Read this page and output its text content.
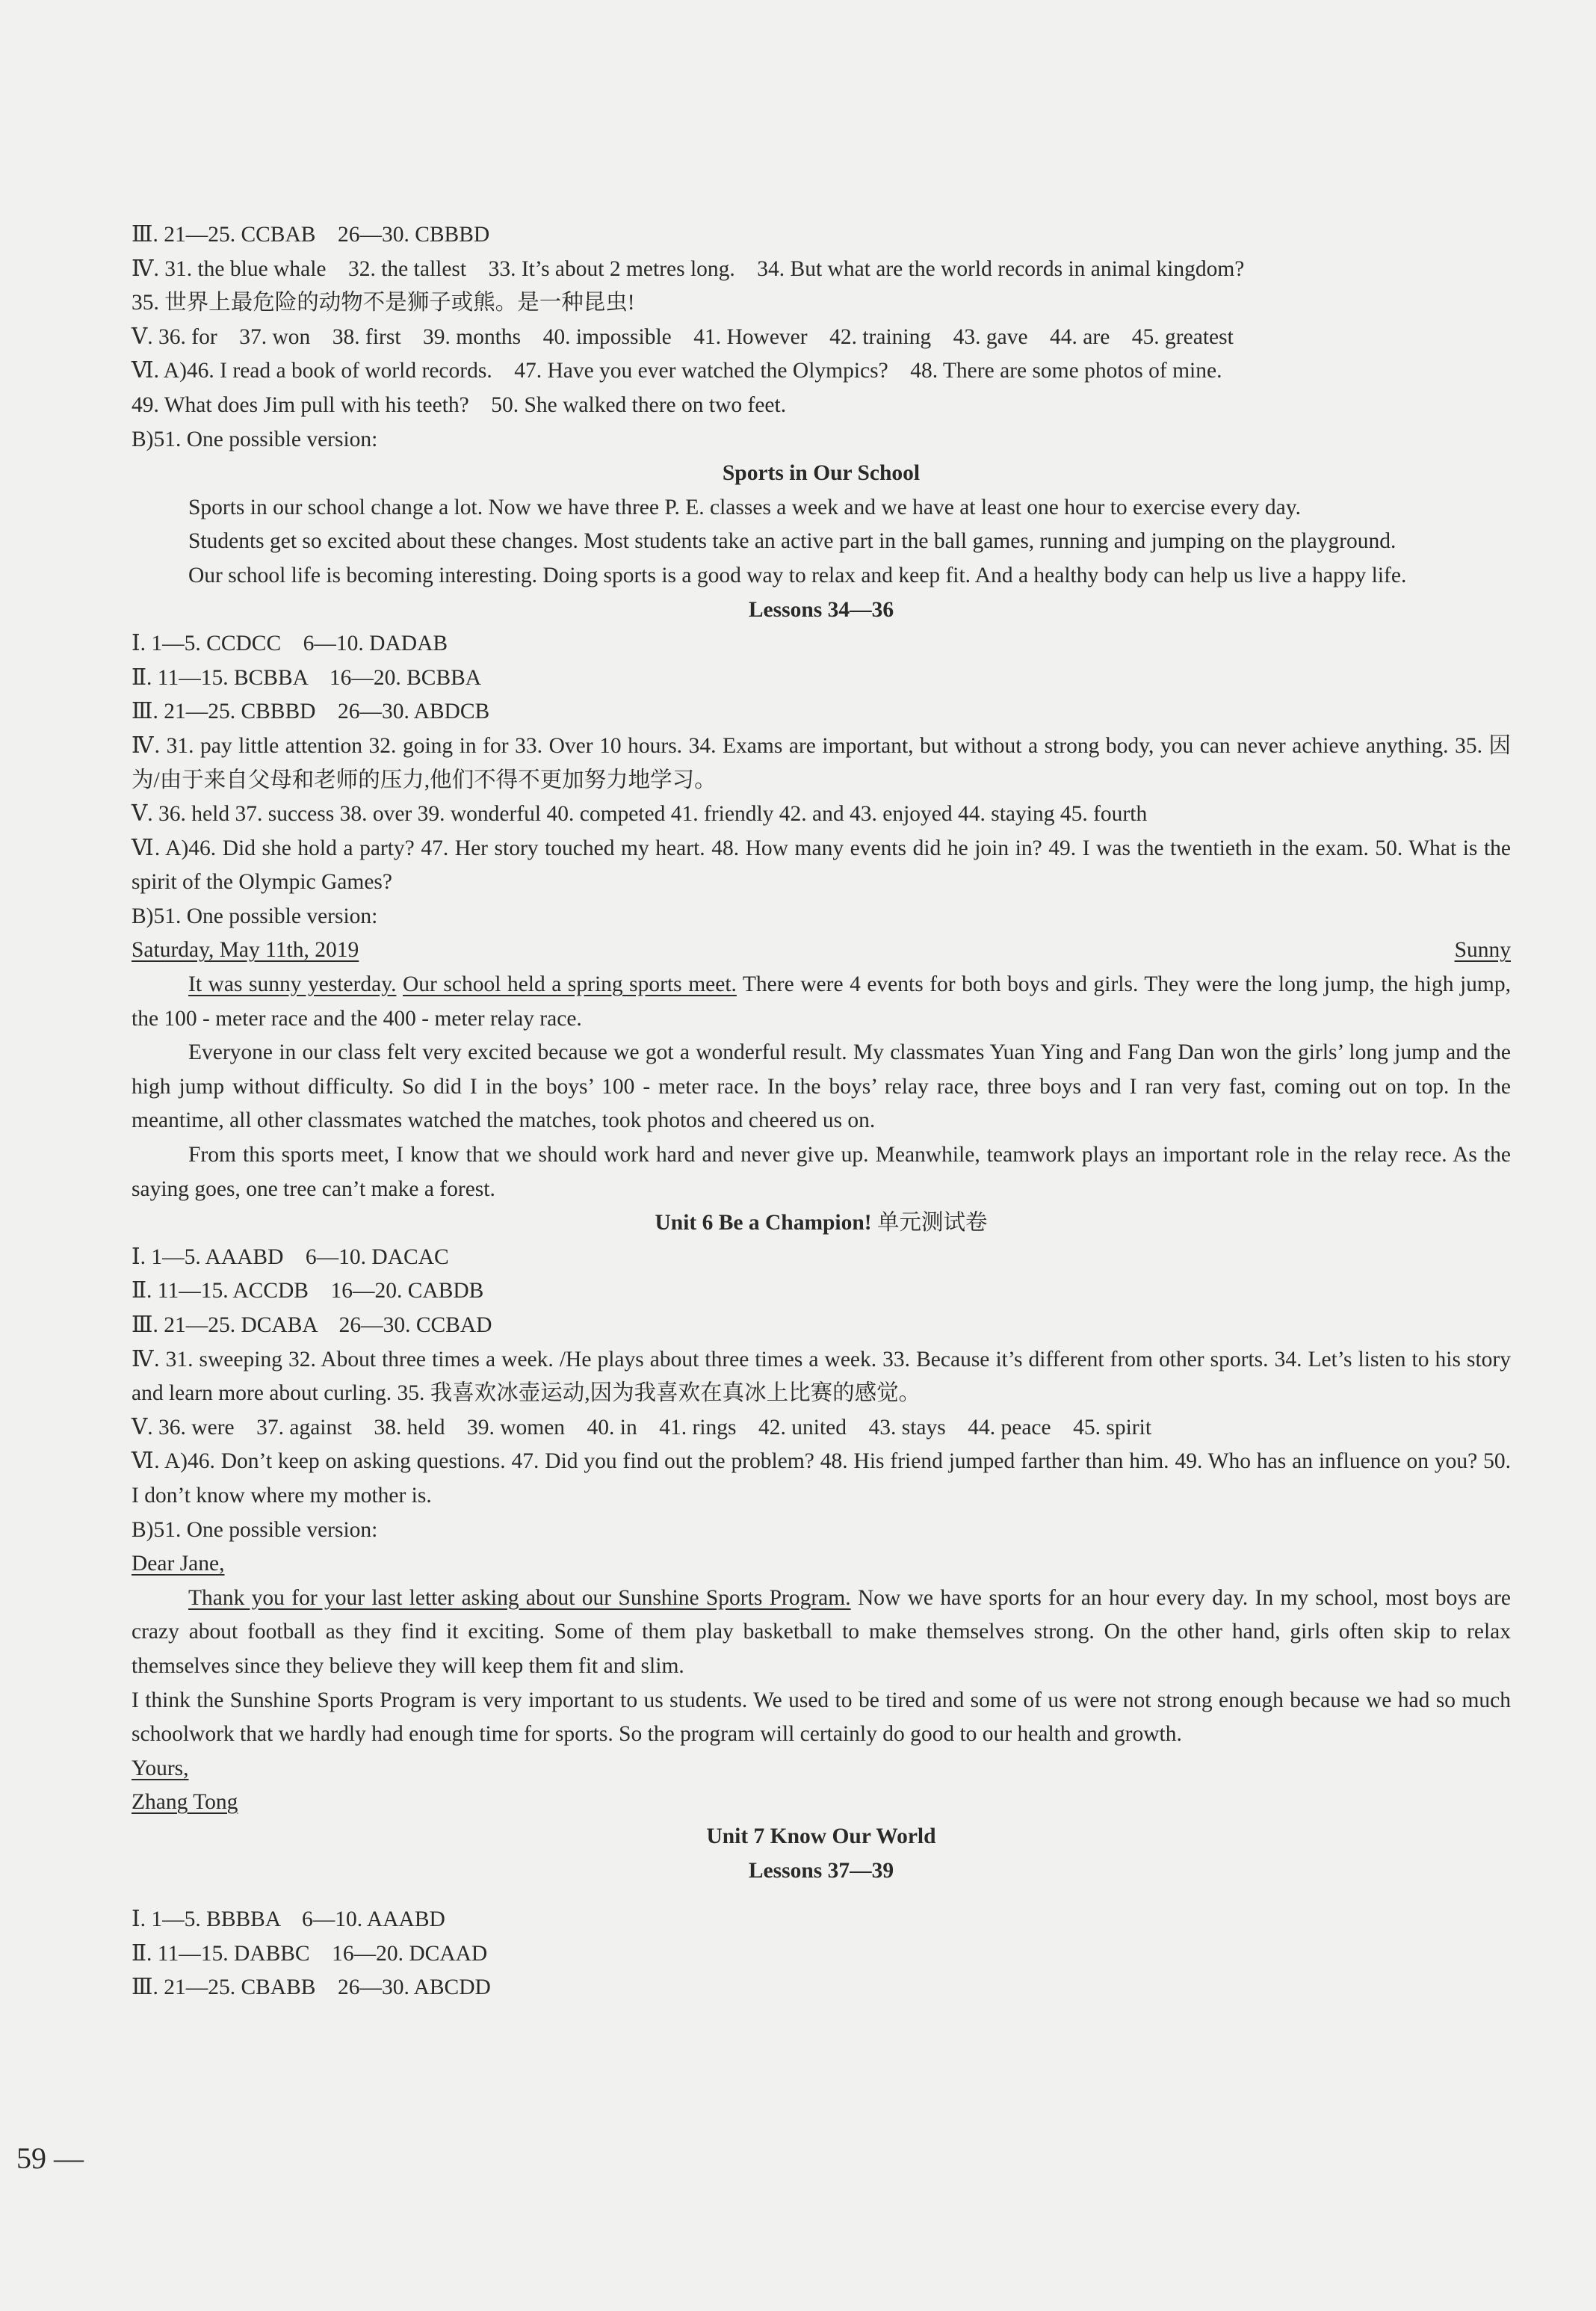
Ⅲ. 21—25. CCBAB    26—30. CBBBD
Ⅳ. 31. the blue whale    32. the tallest    33. It’s about 2 metres long.    34. But what are the world records in animal kingdom?
35. 世界上最危险的动物不是狮子或熊。是一种昆虫!
Ⅴ. 36. for    37. won    38. first    39. months    40. impossible    41. However    42. training    43. gave    44. are    45. greatest
Ⅵ. A)46. I read a book of world records.    47. Have you ever watched the Olympics?    48. There are some photos of mine.
49. What does Jim pull with his teeth?    50. She walked there on two feet.
B)51. One possible version:
Sports in Our School
Sports in our school change a lot. Now we have three P. E. classes a week and we have at least one hour to exercise every day.
Students get so excited about these changes. Most students take an active part in the ball games, running and jumping on the playground.
Our school life is becoming interesting. Doing sports is a good way to relax and keep fit. And a healthy body can help us live a happy life.
Lessons 34—36
Ⅰ. 1—5. CCDCC    6—10. DADAB
Ⅱ. 11—15. BCBBA    16—20. BCBBA
Ⅲ. 21—25. CBBBD    26—30. ABDCB
Ⅳ. 31. pay little attention 32. going in for 33. Over 10 hours. 34. Exams are important, but without a strong body, you can never achieve anything. 35. 因为/由于来自父母和老师的压力,他们不得不更加努力地学习。
Ⅴ. 36. held 37. success 38. over 39. wonderful 40. competed 41. friendly 42. and 43. enjoyed 44. staying 45. fourth
Ⅵ. A)46. Did she hold a party? 47. Her story touched my heart. 48. How many events did he join in? 49. I was the twentieth in the exam. 50. What is the spirit of the Olympic Games?
B)51. One possible version:
Saturday, May 11th, 2019	Sunny
It was sunny yesterday. Our school held a spring sports meet. There were 4 events for both boys and girls. They were the long jump, the high jump, the 100 - meter race and the 400 - meter relay race.
Everyone in our class felt very excited because we got a wonderful result. My classmates Yuan Ying and Fang Dan won the girls’ long jump and the high jump without difficulty. So did I in the boys’ 100 - meter race. In the boys’ relay race, three boys and I ran very fast, coming out on top. In the meantime, all other classmates watched the matches, took photos and cheered us on.
From this sports meet, I know that we should work hard and never give up. Meanwhile, teamwork plays an important role in the relay rece. As the saying goes, one tree can’t make a forest.
Unit 6 Be a Champion! 单元测试卷
Ⅰ. 1—5. AAABD    6—10. DACAC
Ⅱ. 11—15. ACCDB    16—20. CABDB
Ⅲ. 21—25. DCABA    26—30. CCBAD
Ⅳ. 31. sweeping 32. About three times a week. /He plays about three times a week. 33. Because it’s different from other sports. 34. Let’s listen to his story and learn more about curling. 35. 我喜欢冰壶运动,因为我喜欢在真冰上比赛的感觉。
Ⅴ. 36. were    37. against    38. held    39. women    40. in    41. rings    42. united    43. stays    44. peace    45. spirit
Ⅵ. A)46. Don’t keep on asking questions. 47. Did you find out the problem? 48. His friend jumped farther than him. 49. Who has an influence on you? 50. I don’t know where my mother is.
B)51. One possible version:
Dear Jane,
Thank you for your last letter asking about our Sunshine Sports Program. Now we have sports for an hour every day. In my school, most boys are crazy about football as they find it exciting. Some of them play basketball to make themselves strong. On the other hand, girls often skip to relax themselves since they believe they will keep them fit and slim.
I think the Sunshine Sports Program is very important to us students. We used to be tired and some of us were not strong enough because we had so much schoolwork that we hardly had enough time for sports. So the program will certainly do good to our health and growth.
Yours,
Zhang Tong
Unit 7 Know Our World
Lessons 37—39
Ⅰ. 1—5. BBBBA    6—10. AAABD
Ⅱ. 11—15. DABBC    16—20. DCAAD
Ⅲ. 21—25. CBABB    26—30. ABCDD
59 —
